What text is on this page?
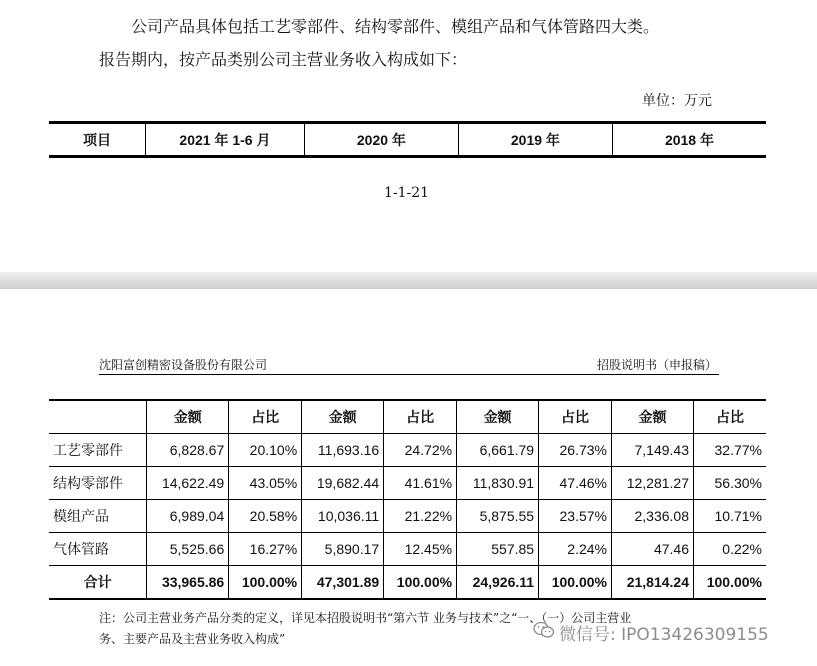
公司产品具体包括工艺零部件、结构零部件、模组产品和气体管路四大类。
报告期内，按产品类别公司主营业务收入构成如下：
单位：万元
项目	2021 年 1-6 月	2020 年	2019 年	2018 年
1-1-21
沈阳富创精密设备股份有限公司	招股说明书（申报稿）
	金额	占比	金额	占比	金额	占比	金额	占比
工艺零部件	6,828.67	20.10%	11,693.16	24.72%	6,661.79	26.73%	7,149.43	32.77%
结构零部件	14,622.49	43.05%	19,682.44	41.61%	11,830.91	47.46%	12,281.27	56.30%
模组产品	6,989.04	20.58%	10,036.11	21.22%	5,875.55	23.57%	2,336.08	10.71%
气体管路	5,525.66	16.27%	5,890.17	12.45%	557.85	2.24%	47.46	0.22%
合计	33,965.86	100.00%	47,301.89	100.00%	24,926.11	100.00%	21,814.24	100.00%
注：公司主营业务产品分类的定义，详见本招股说明书“第六节 业务与技术”之“一、（一）公司主营业
务、主要产品及主营业务收入构成”	微信号: IPO13426309155
